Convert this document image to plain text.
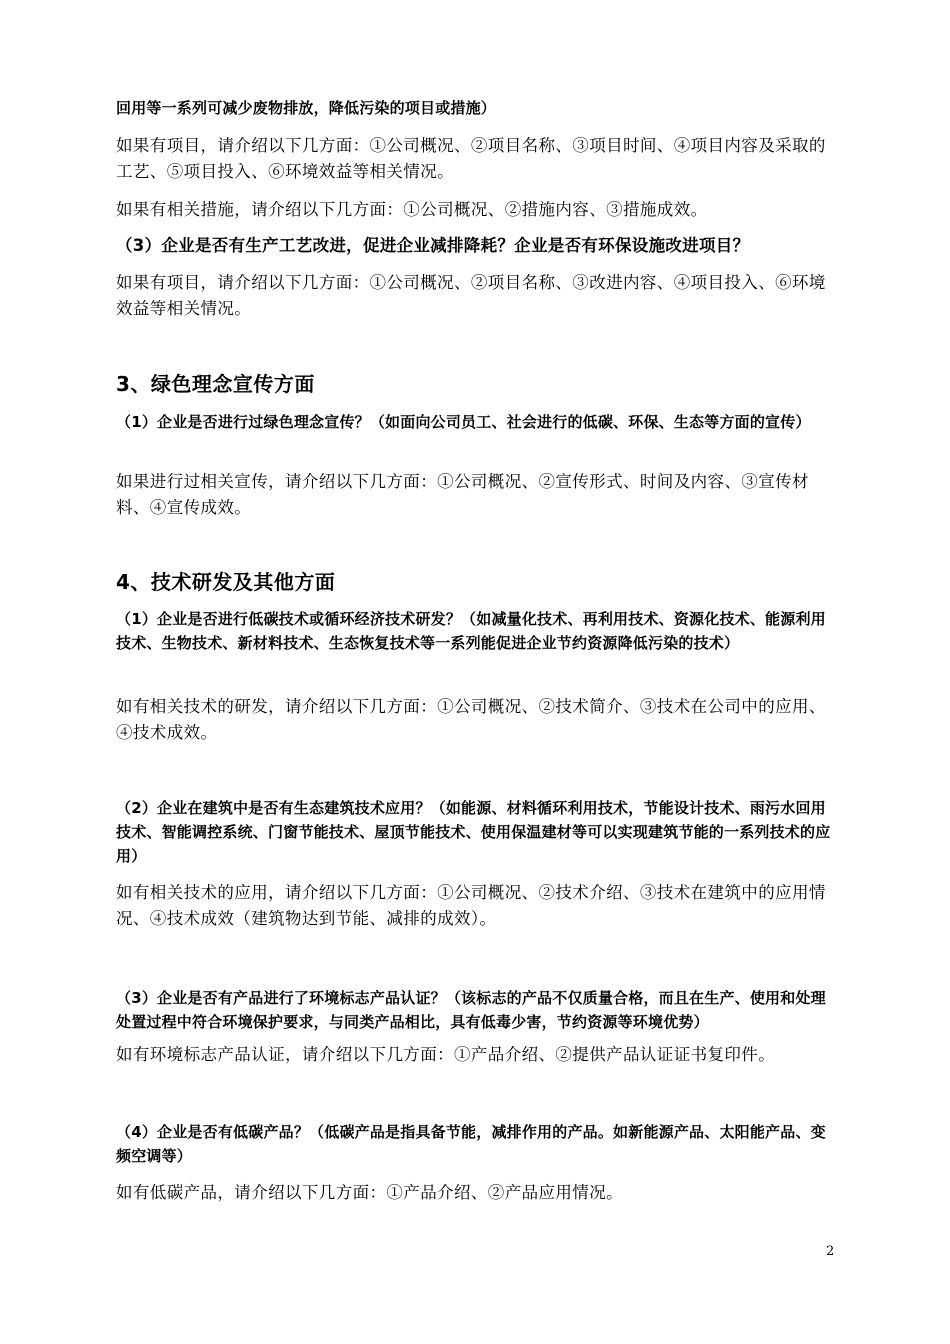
回用等一系列可减少废物排放，降低污染的项目或措施）

如果有项目，请介绍以下几方面：①公司概况、②项目名称、③项目时间、④项目内容及采取的工艺、⑤项目投入、⑥环境效益等相关情况。

如果有相关措施，请介绍以下几方面：①公司概况、②措施内容、③措施成效。

（3）企业是否有生产工艺改进，促进企业减排降耗？企业是否有环保设施改进项目？

如果有项目，请介绍以下几方面：①公司概况、②项目名称、③改进内容、④项目投入、⑥环境效益等相关情况。

3、绿色理念宣传方面

（1）企业是否进行过绿色理念宣传？（如面向公司员工、社会进行的低碳、环保、生态等方面的宣传）

如果进行过相关宣传，请介绍以下几方面：①公司概况、②宣传形式、时间及内容、③宣传材料、④宣传成效。

4、技术研发及其他方面

（1）企业是否进行低碳技术或循环经济技术研发？（如减量化技术、再利用技术、资源化技术、能源利用技术、生物技术、新材料技术、生态恢复技术等一系列能促进企业节约资源降低污染的技术）

如有相关技术的研发，请介绍以下几方面：①公司概况、②技术简介、③技术在公司中的应用、④技术成效。

（2）企业在建筑中是否有生态建筑技术应用？（如能源、材料循环利用技术，节能设计技术、雨污水回用技术、智能调控系统、门窗节能技术、屋顶节能技术、使用保温建材等可以实现建筑节能的一系列技术的应用）

如有相关技术的应用，请介绍以下几方面：①公司概况、②技术介绍、③技术在建筑中的应用情况、④技术成效（建筑物达到节能、减排的成效）。

（3）企业是否有产品进行了环境标志产品认证？（该标志的产品不仅质量合格，而且在生产、使用和处理处置过程中符合环境保护要求，与同类产品相比，具有低毒少害，节约资源等环境优势）

如有环境标志产品认证，请介绍以下几方面：①产品介绍、②提供产品认证证书复印件。

（4）企业是否有低碳产品？（低碳产品是指具备节能，减排作用的产品。如新能源产品、太阳能产品、变频空调等）

如有低碳产品，请介绍以下几方面：①产品介绍、②产品应用情况。

2
